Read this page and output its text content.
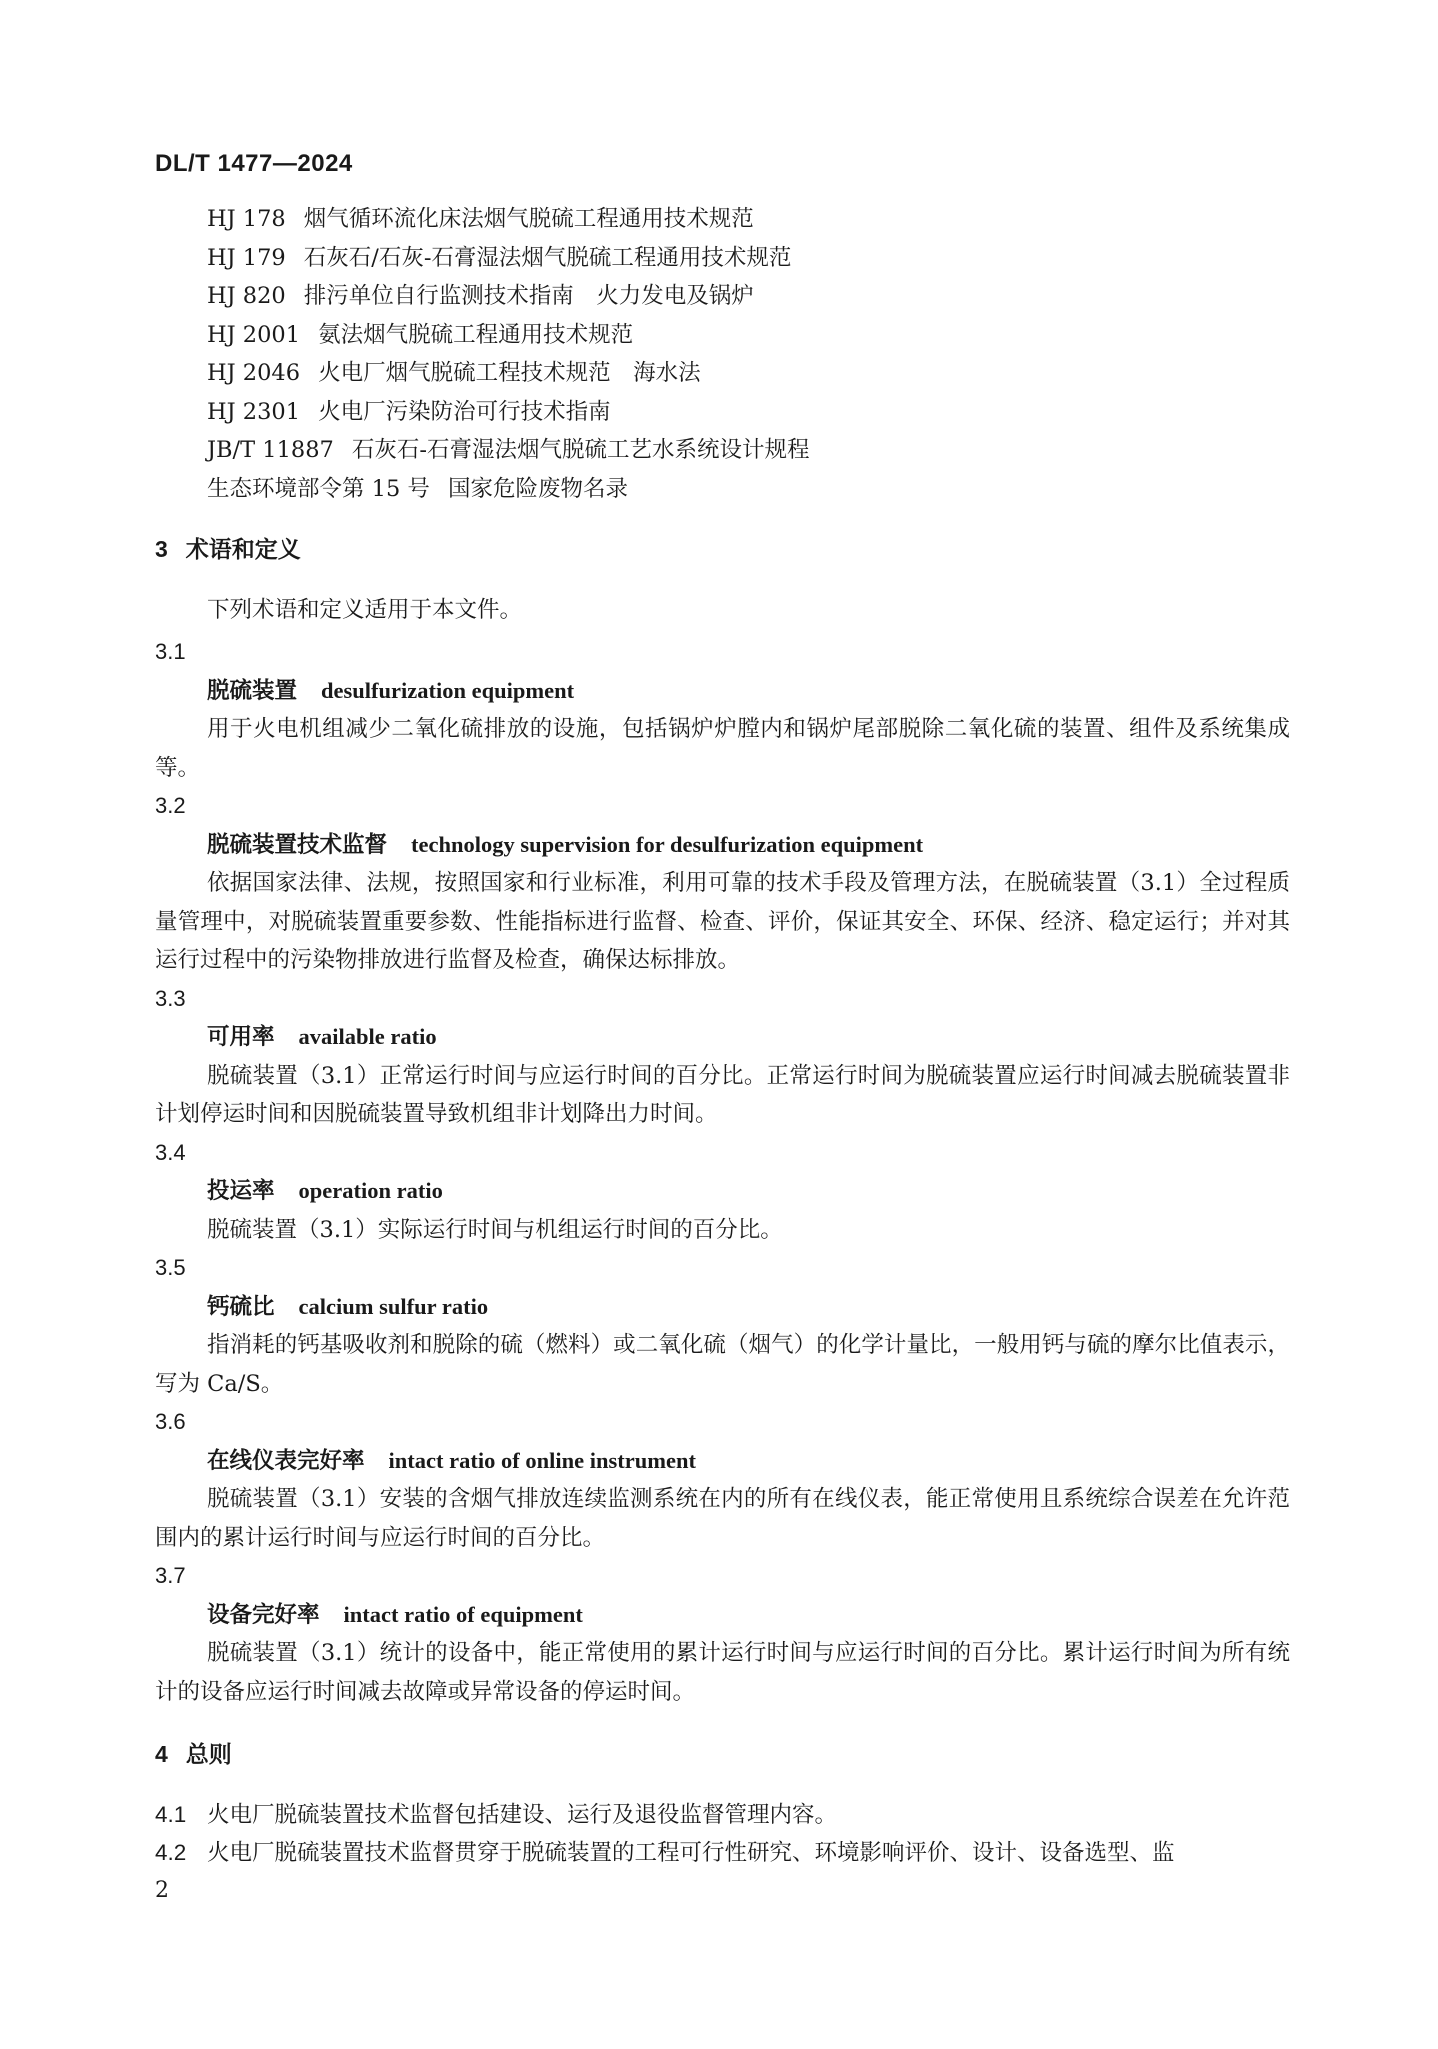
DL/T 1477—2024
HJ 178 烟气循环流化床法烟气脱硫工程通用技术规范
HJ 179 石灰石/石灰-石膏湿法烟气脱硫工程通用技术规范
HJ 820 排污单位自行监测技术指南　火力发电及锅炉
HJ 2001 氨法烟气脱硫工程通用技术规范
HJ 2046 火电厂烟气脱硫工程技术规范　海水法
HJ 2301 火电厂污染防治可行技术指南
JB/T 11887 石灰石-石膏湿法烟气脱硫工艺水系统设计规程
生态环境部令第 15 号 国家危险废物名录
3 术语和定义

下列术语和定义适用于本文件。

3.1

脱硫装置 desulfurization equipment

用于火电机组减少二氧化硫排放的设施，包括锅炉炉膛内和锅炉尾部脱除二氧化硫的装置、组件及系统集成等。

3.2

脱硫装置技术监督 technology supervision for desulfurization equipment

依据国家法律、法规，按照国家和行业标准，利用可靠的技术手段及管理方法，在脱硫装置（3.1）全过程质量管理中，对脱硫装置重要参数、性能指标进行监督、检查、评价，保证其安全、环保、经济、稳定运行；并对其运行过程中的污染物排放进行监督及检查，确保达标排放。

3.3

可用率 available ratio

脱硫装置（3.1）正常运行时间与应运行时间的百分比。正常运行时间为脱硫装置应运行时间减去脱硫装置非计划停运时间和因脱硫装置导致机组非计划降出力时间。

3.4

投运率 operation ratio

脱硫装置（3.1）实际运行时间与机组运行时间的百分比。

3.5

钙硫比 calcium sulfur ratio

指消耗的钙基吸收剂和脱除的硫（燃料）或二氧化硫（烟气）的化学计量比，一般用钙与硫的摩尔比值表示，写为 Ca/S。

3.6

在线仪表完好率 intact ratio of online instrument

脱硫装置（3.1）安装的含烟气排放连续监测系统在内的所有在线仪表，能正常使用且系统综合误差在允许范围内的累计运行时间与应运行时间的百分比。

3.7

设备完好率 intact ratio of equipment

脱硫装置（3.1）统计的设备中，能正常使用的累计运行时间与应运行时间的百分比。累计运行时间为所有统计的设备应运行时间减去故障或异常设备的停运时间。

4 总则

4.1 火电厂脱硫装置技术监督包括建设、运行及退役监督管理内容。

4.2 火电厂脱硫装置技术监督贯穿于脱硫装置的工程可行性研究、环境影响评价、设计、设备选型、监

2
